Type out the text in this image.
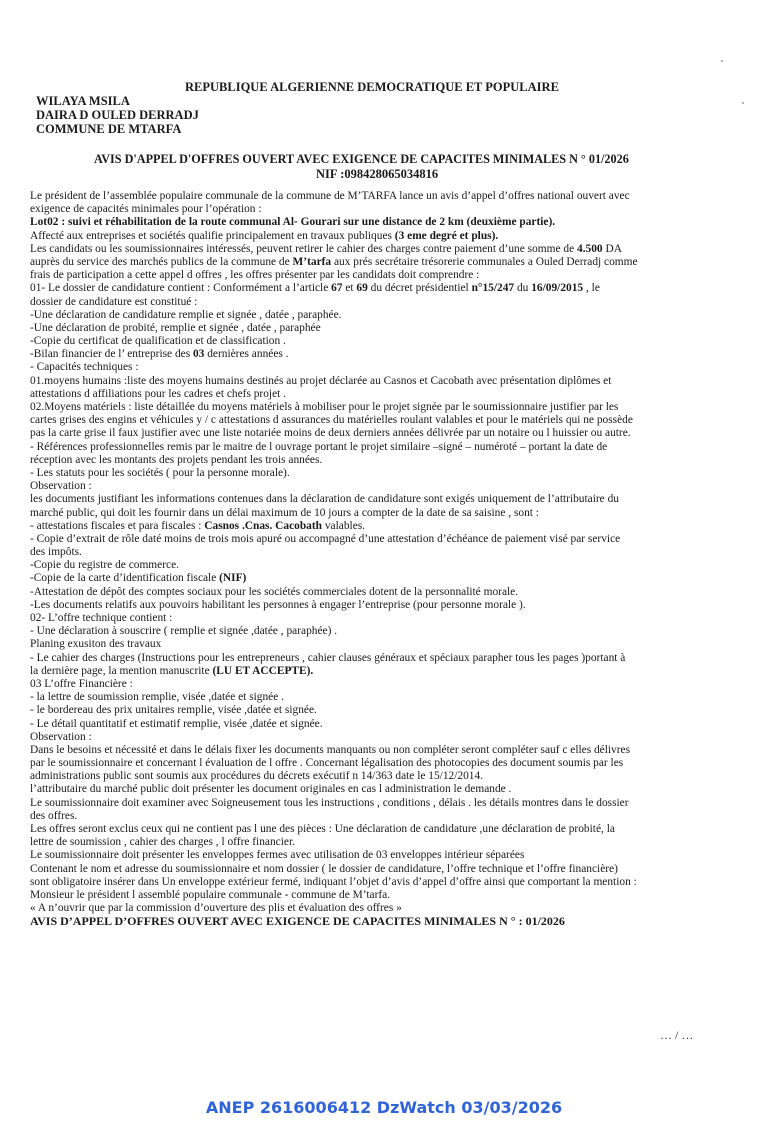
REPUBLIQUE ALGERIENNE DEMOCRATIQUE ET POPULAIRE
WILAYA MSILA
DAIRA D OULED DERRADJ
COMMUNE DE MTARFA
AVIS D'APPEL D'OFFRES OUVERT AVEC EXIGENCE DE CAPACITES MINIMALES N ° 01/2026
NIF :098428065034816
Le président de l’assemblée populaire communale de la commune de M’TARFA lance un avis d’appel d’offres national ouvert avec
exigence de capacités minimales pour l’opération :
Lot02 : suivi et réhabilitation de la route communal Al- Gourari sur une distance de 2 km (deuxième partie).
Affecté aux entreprises et sociétés qualifie principalement en travaux publiques (3 eme degré et plus).
Les candidats ou les soumissionnaires intéressés, peuvent retirer le cahier des charges contre paiement d’une somme de 4.500 DA
auprès du service des marchés publics de la commune de M’tarfa aux prés secrétaire trésorerie communales a Ouled Derradj comme
frais de participation a cette appel d offres , les offres présenter par les candidats doit comprendre :
01- Le dossier de candidature contient : Conformément a l’article 67 et 69 du décret présidentiel n°15/247 du 16/09/2015 , le
dossier de candidature est constitué :
-Une déclaration de candidature remplie et signée , datée , paraphée.
-Une déclaration de probité, remplie et signée , datée , paraphée
-Copie du certificat de qualification et de classification .
-Bilan financier de l’ entreprise des 03 dernières années .
- Capacités techniques :
01.moyens humains :liste des moyens humains destinés au projet déclarée au Casnos et Cacobath avec présentation diplômes et
attestations d affiliations pour les cadres et chefs projet .
02.Moyens matériels : liste détaillée du moyens matériels à mobiliser pour le projet signée par le soumissionnaire justifier par les
cartes grises des engins et véhicules y / c attestations d assurances du matérielles roulant valables et pour le matériels qui ne possède
pas la carte grise il faux justifier avec une liste notariée moins de deux derniers années délivrée par un notaire ou l huissier ou autre.
- Références professionnelles remis par le maitre de l ouvrage portant le projet similaire –signé – numéroté – portant la date de
réception avec les montants des projets pendant les trois années.
- Les statuts pour les sociétés ( pour la personne morale).
Observation :
les documents justifiant les informations contenues dans la déclaration de candidature sont exigés uniquement de l’attributaire du
marché public, qui doit les fournir dans un délai maximum de 10 jours a compter de la date de sa saisine , sont :
- attestations fiscales et para fiscales : Casnos .Cnas. Cacobath valables.
- Copie d’extrait de rôle daté moins de trois mois apuré ou accompagné d’une attestation d’échéance de paiement visé par service
des impôts.
-Copie du registre de commerce.
-Copie de la carte d’identification fiscale (NIF)
-Attestation de dépôt des comptes sociaux pour les sociétés commerciales dotent de la personnalité morale.
-Les documents relatifs aux pouvoirs habilitant les personnes à engager l’entreprise (pour personne morale ).
02- L’offre technique contient :
- Une déclaration à souscrire ( remplie et signée ,datée , paraphée) .
Planing exusiton des travaux
- Le cahier des charges (Instructions pour les entrepreneurs , cahier clauses généraux et spéciaux parapher tous les pages )portant à
la dernière page, la mention manuscrite (LU ET ACCEPTE).
03 L’offre Financière :
- la lettre de soumission remplie, visée ,datée et signée .
- le bordereau des prix unitaires remplie, visée ,datée et signée.
- Le détail quantitatif et estimatif remplie, visée ,datée et signée.
Observation :
Dans le besoins et nécessité et dans le délais fixer les documents manquants ou non compléter seront compléter sauf c elles délivres
par le soumissionnaire et concernant l évaluation de l offre . Concernant légalisation des photocopies des document soumis par les
administrations public sont soumis aux procédures du décrets exécutif n 14/363 date le 15/12/2014.
l’attributaire du marché public doit présenter les document originales en cas l administration le demande .
Le soumissionnaire doit examiner avec Soigneusement tous les instructions , conditions , délais . les détails montres dans le dossier
des offres.
Les offres seront exclus ceux qui ne contient pas l une des pièces : Une déclaration de candidature ,une déclaration de probité, la
lettre de soumission , cahier des charges , l offre financier.
Le soumissionnaire doit présenter les enveloppes fermes avec utilisation de 03 enveloppes intérieur séparées
Contenant le nom et adresse du soumissionnaire et nom dossier ( le dossier de candidature, l’offre technique et l’offre financière)
sont obligatoire insérer dans Un enveloppe extérieur fermé, indiquant l’objet d’avis d’appel d’offre ainsi que comportant la mention :
Monsieur le président l assemblé populaire communale - commune de M’tarfa.
« A n’ouvrir que par la commission d’ouverture des plis et évaluation des offres »
AVIS D’APPEL D’OFFRES OUVERT AVEC EXIGENCE DE CAPACITES MINIMALES N ° : 01/2026
… / …
ANEP 2616006412 DzWatch 03/03/2026
